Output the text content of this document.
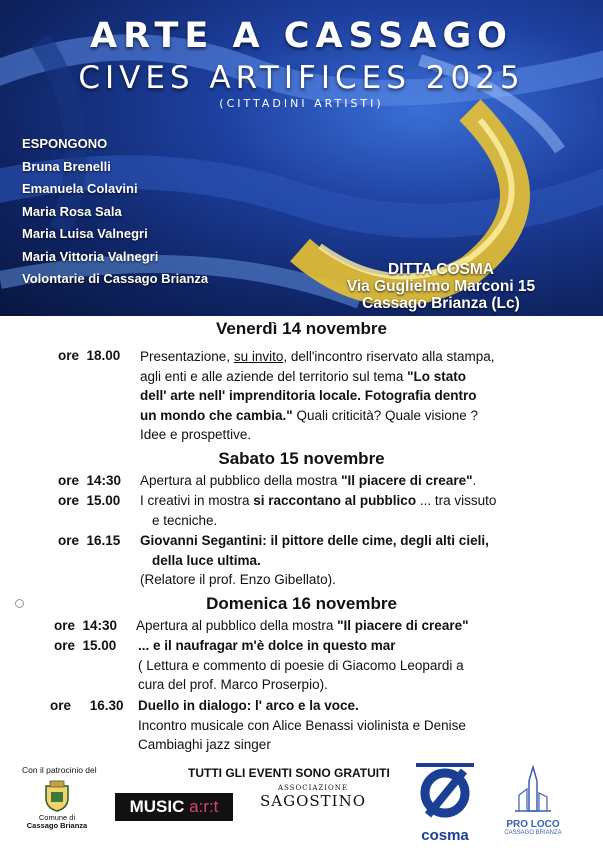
ARTE A CASSAGO
CIVES ARTIFICES 2025
(CITTADINI ARTISTI)
ESPONGONO
Bruna Brenelli
Emanuela Colavini
Maria Rosa Sala
Maria Luisa Valnegri
Maria Vittoria Valnegri
Volontarie di Cassago Brianza
DITTA COSMA
Via Guglielmo Marconi 15
Cassago Brianza (Lc)
Venerdì 14 novembre
ore  18.00 Presentazione, su invito, dell'incontro riservato alla stampa,
agli enti e alle aziende del territorio sul tema "Lo stato
dell' arte nell' imprenditoria locale. Fotografia dentro
un mondo che cambia." Quali criticità? Quale visione ?
Idee e prospettive.
Sabato 15 novembre
ore  14:30 Apertura al pubblico della mostra "Il piacere di creare".
ore  15.00 I creativi in mostra si raccontano al pubblico ... tra vissuto
e tecniche.
ore  16.15 Giovanni Segantini: il pittore delle cime, degli alti cieli,
della luce ultima.
(Relatore il prof. Enzo Gibellato).
Domenica 16 novembre
ore  14:30 Apertura al pubblico della mostra "Il piacere di creare"
ore  15.00 ... e il naufragar m'è dolce in questo mar
( Lettura e commento di poesie di Giacomo Leopardi a
cura del prof. Marco Proserpio).
ore     16.30 Duello in dialogo: l' arco e la voce.
Incontro musicale con Alice Benassi violinista e Denise
Cambiaghi jazz singer
Con il patrocinio del	TUTTI GLI EVENTI SONO GRATUITI
Comune di
Cassago Brianza
MUSIC a:r:t
ASSOCIAZIONE
SAGOSTINO
cosma
PRO LOCO
CASSAGO BRIANZA
